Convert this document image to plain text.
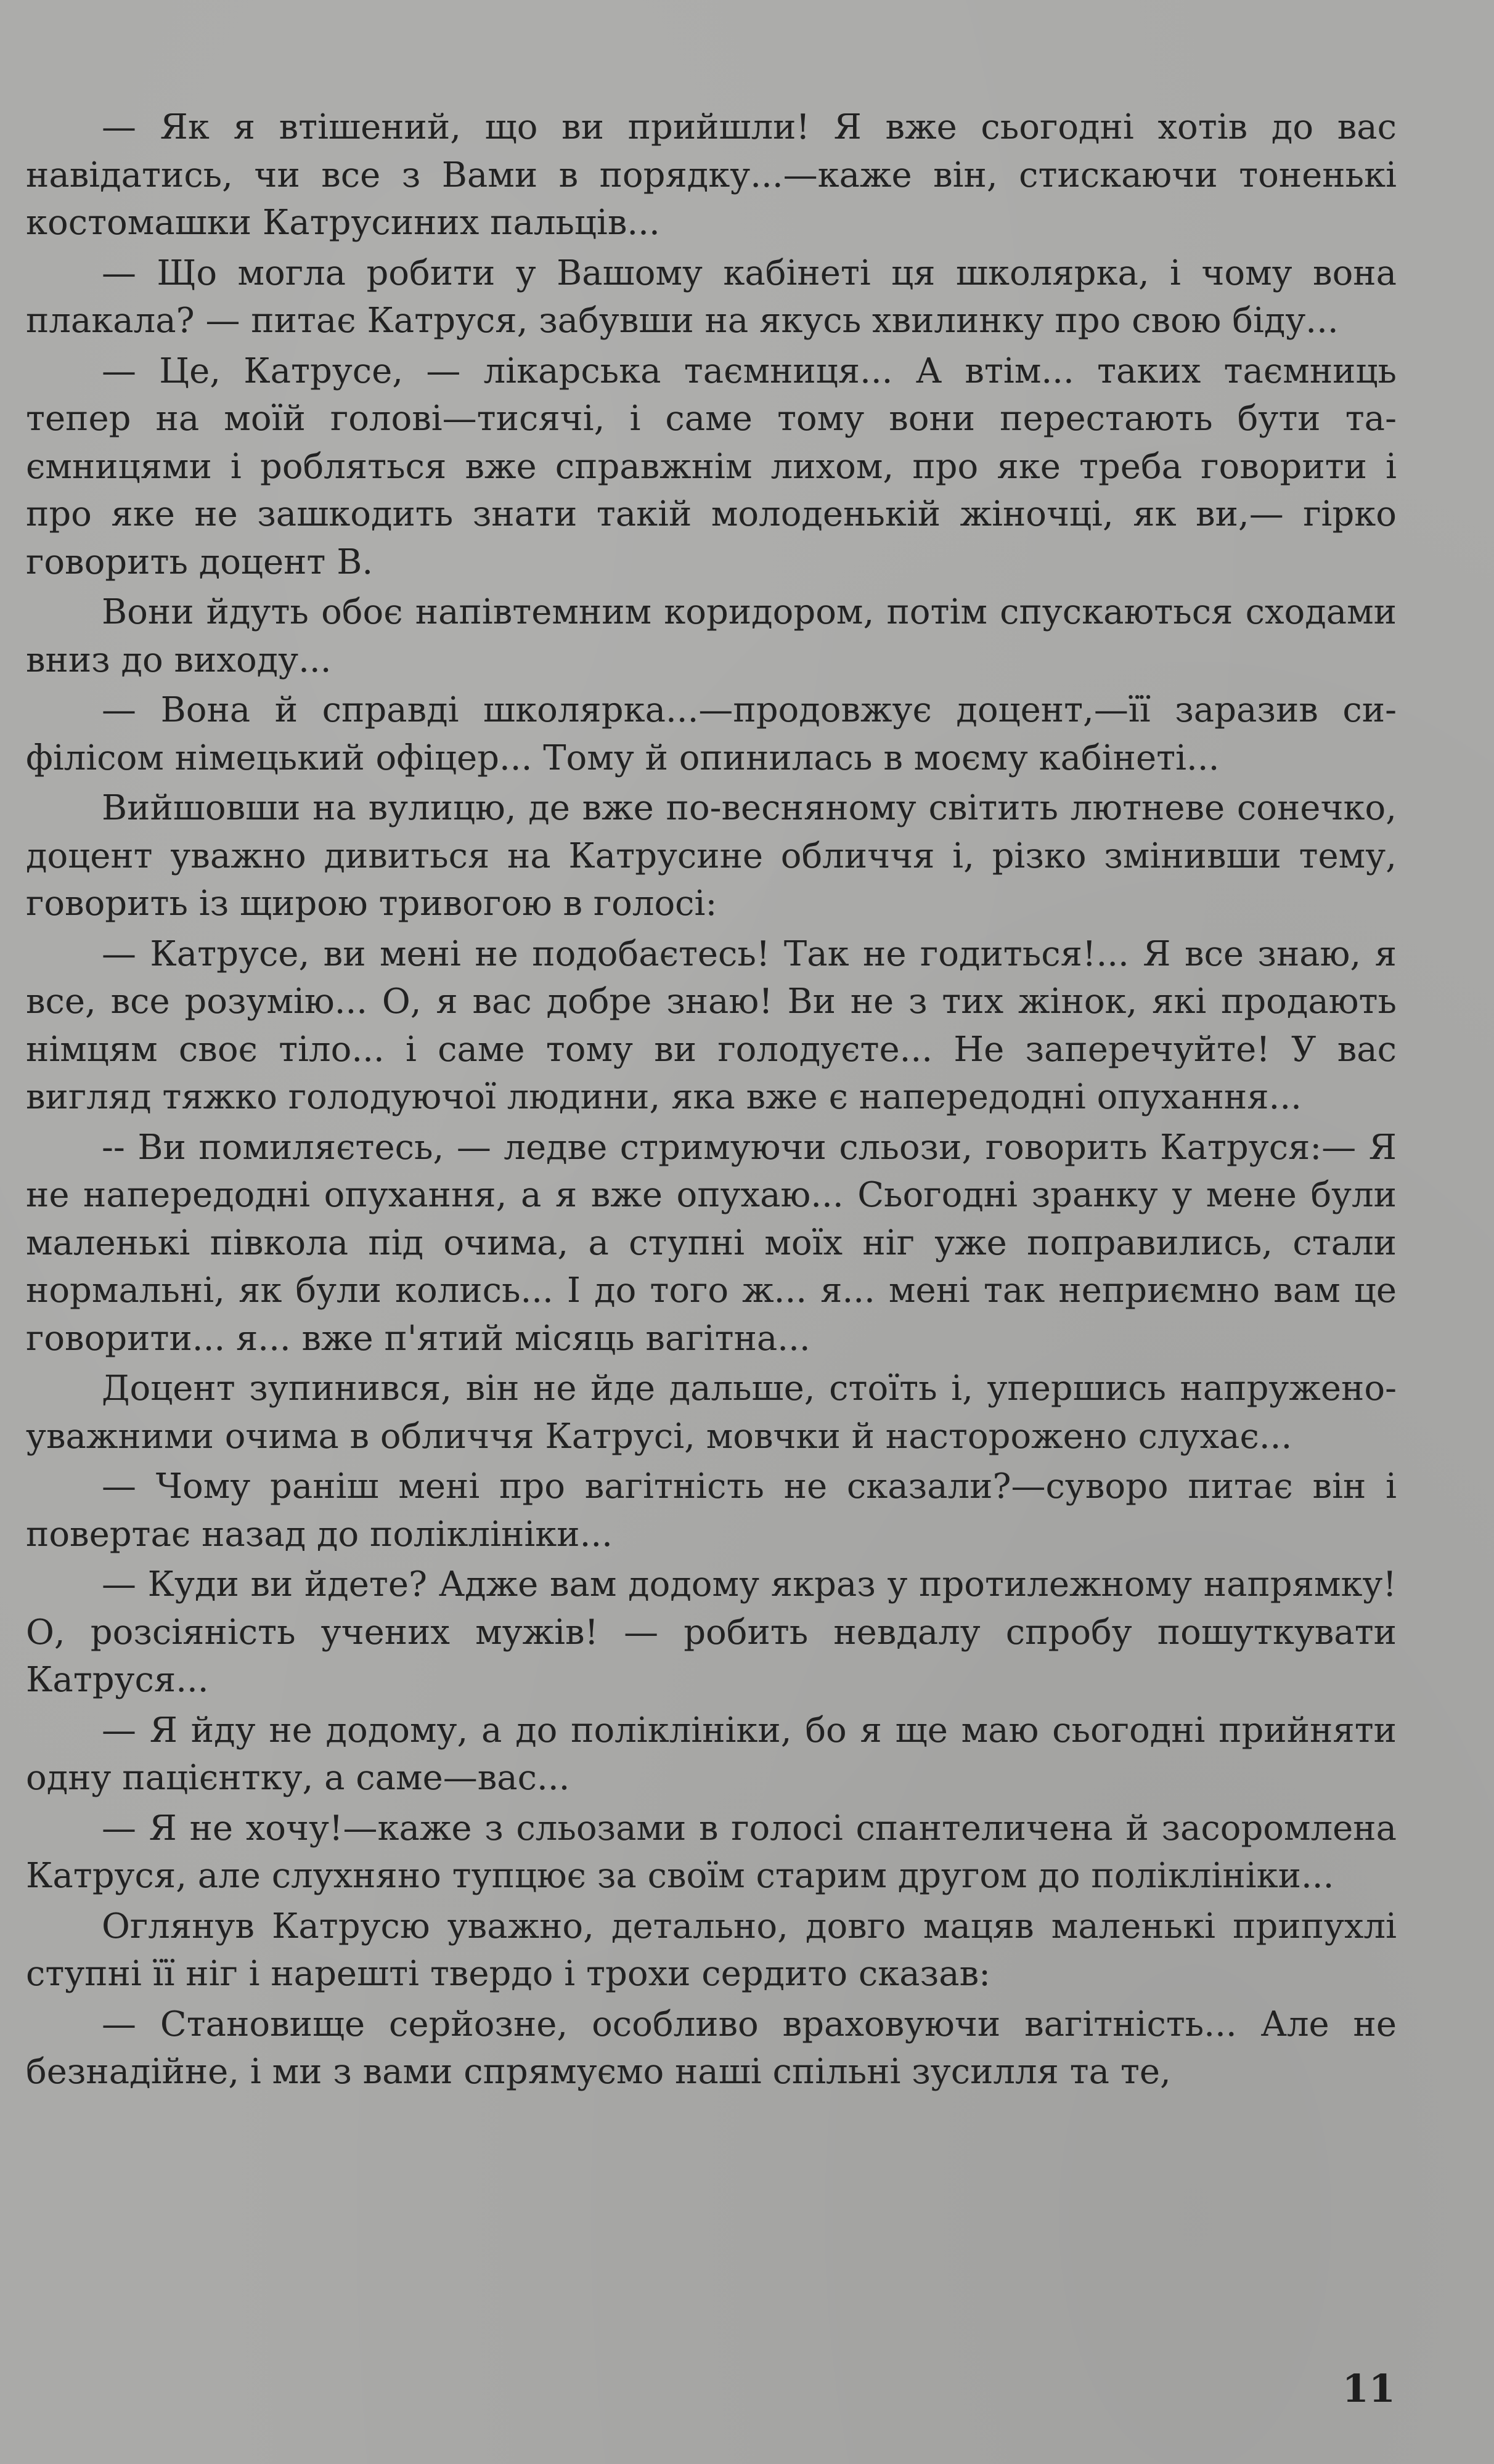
— Як я втішений, що ви прийшли! Я вже сьогодні хотів до вас навідатись, чи все з Вами в порядку...—каже він, стискаючи тоненькі костомашки Катрусиних пальців...

— Що могла робити у Вашому кабінеті ця школярка, і чому вона плакала? — питає Катруся, забувши на якусь хвилинку про свою біду...

— Це, Катрусе, — лікарська таємниця... А втім... таких таємниць тепер на моїй голові—тисячі, і саме тому вони перестають бути таємницями і робляться вже справжнім лихом, про яке треба говорити і про яке не зашкодить знати такій молоденькій жіночці, як ви,— гірко говорить доцент В.

Вони йдуть обоє напівтемним коридором, потім спускаються сходами вниз до виходу...

— Вона й справді школярка...—продовжує доцент,—її заразив сифілісом німецький офіцер... Тому й опинилась в моєму кабінеті...

Вийшовши на вулицю, де вже по-весняному світить лютневе сонечко, доцент уважно дивиться на Катрусине обличчя і, різко змінивши тему, говорить із щирою тривогою в голосі:

— Катрусе, ви мені не подобаєтесь! Так не годиться!... Я все знаю, я все, все розумію... О, я вас добре знаю! Ви не з тих жінок, які продають німцям своє тіло... і саме тому ви голодуєте... Не заперечуйте! У вас вигляд тяжко голодуючої людини, яка вже є напередодні опухання...

-- Ви помиляєтесь, — ледве стримуючи сльози, говорить Катруся:— Я не напередодні опухання, а я вже опухаю... Сьогодні зранку у мене були маленькі півкола під очима, а ступні моїх ніг уже поправились, стали нормальні, як були колись... І до того ж... я... мені так неприємно вам це говорити... я... вже п'ятий місяць вагітна...

Доцент зупинився, він не йде дальше, стоїть і, упершись напружено-уважними очима в обличчя Катрусі, мовчки й насторожено слухає...

— Чому раніш мені про вагітність не сказали?—суворо питає він і повертає назад до поліклініки...

— Куди ви йдете? Адже вам додому якраз у протилежному напрямку! О, розсіяність учених мужів! — робить невдалу спробу пошуткувати Катруся...

— Я йду не додому, а до поліклініки, бо я ще маю сьогодні прийняти одну пацієнтку, а саме—вас...

— Я не хочу!—каже з сльозами в голосі спантеличена й засоромлена Катруся, але слухняно тупцює за своїм старим другом до поліклініки...

Оглянув Катрусю уважно, детально, довго мацяв маленькі припухлі ступні її ніг і нарешті твердо і трохи сердито сказав:

— Становище серйозне, особливо враховуючи вагітність... Але не безнадійне, і ми з вами спрямуємо наші спільні зусилля та те,

11
